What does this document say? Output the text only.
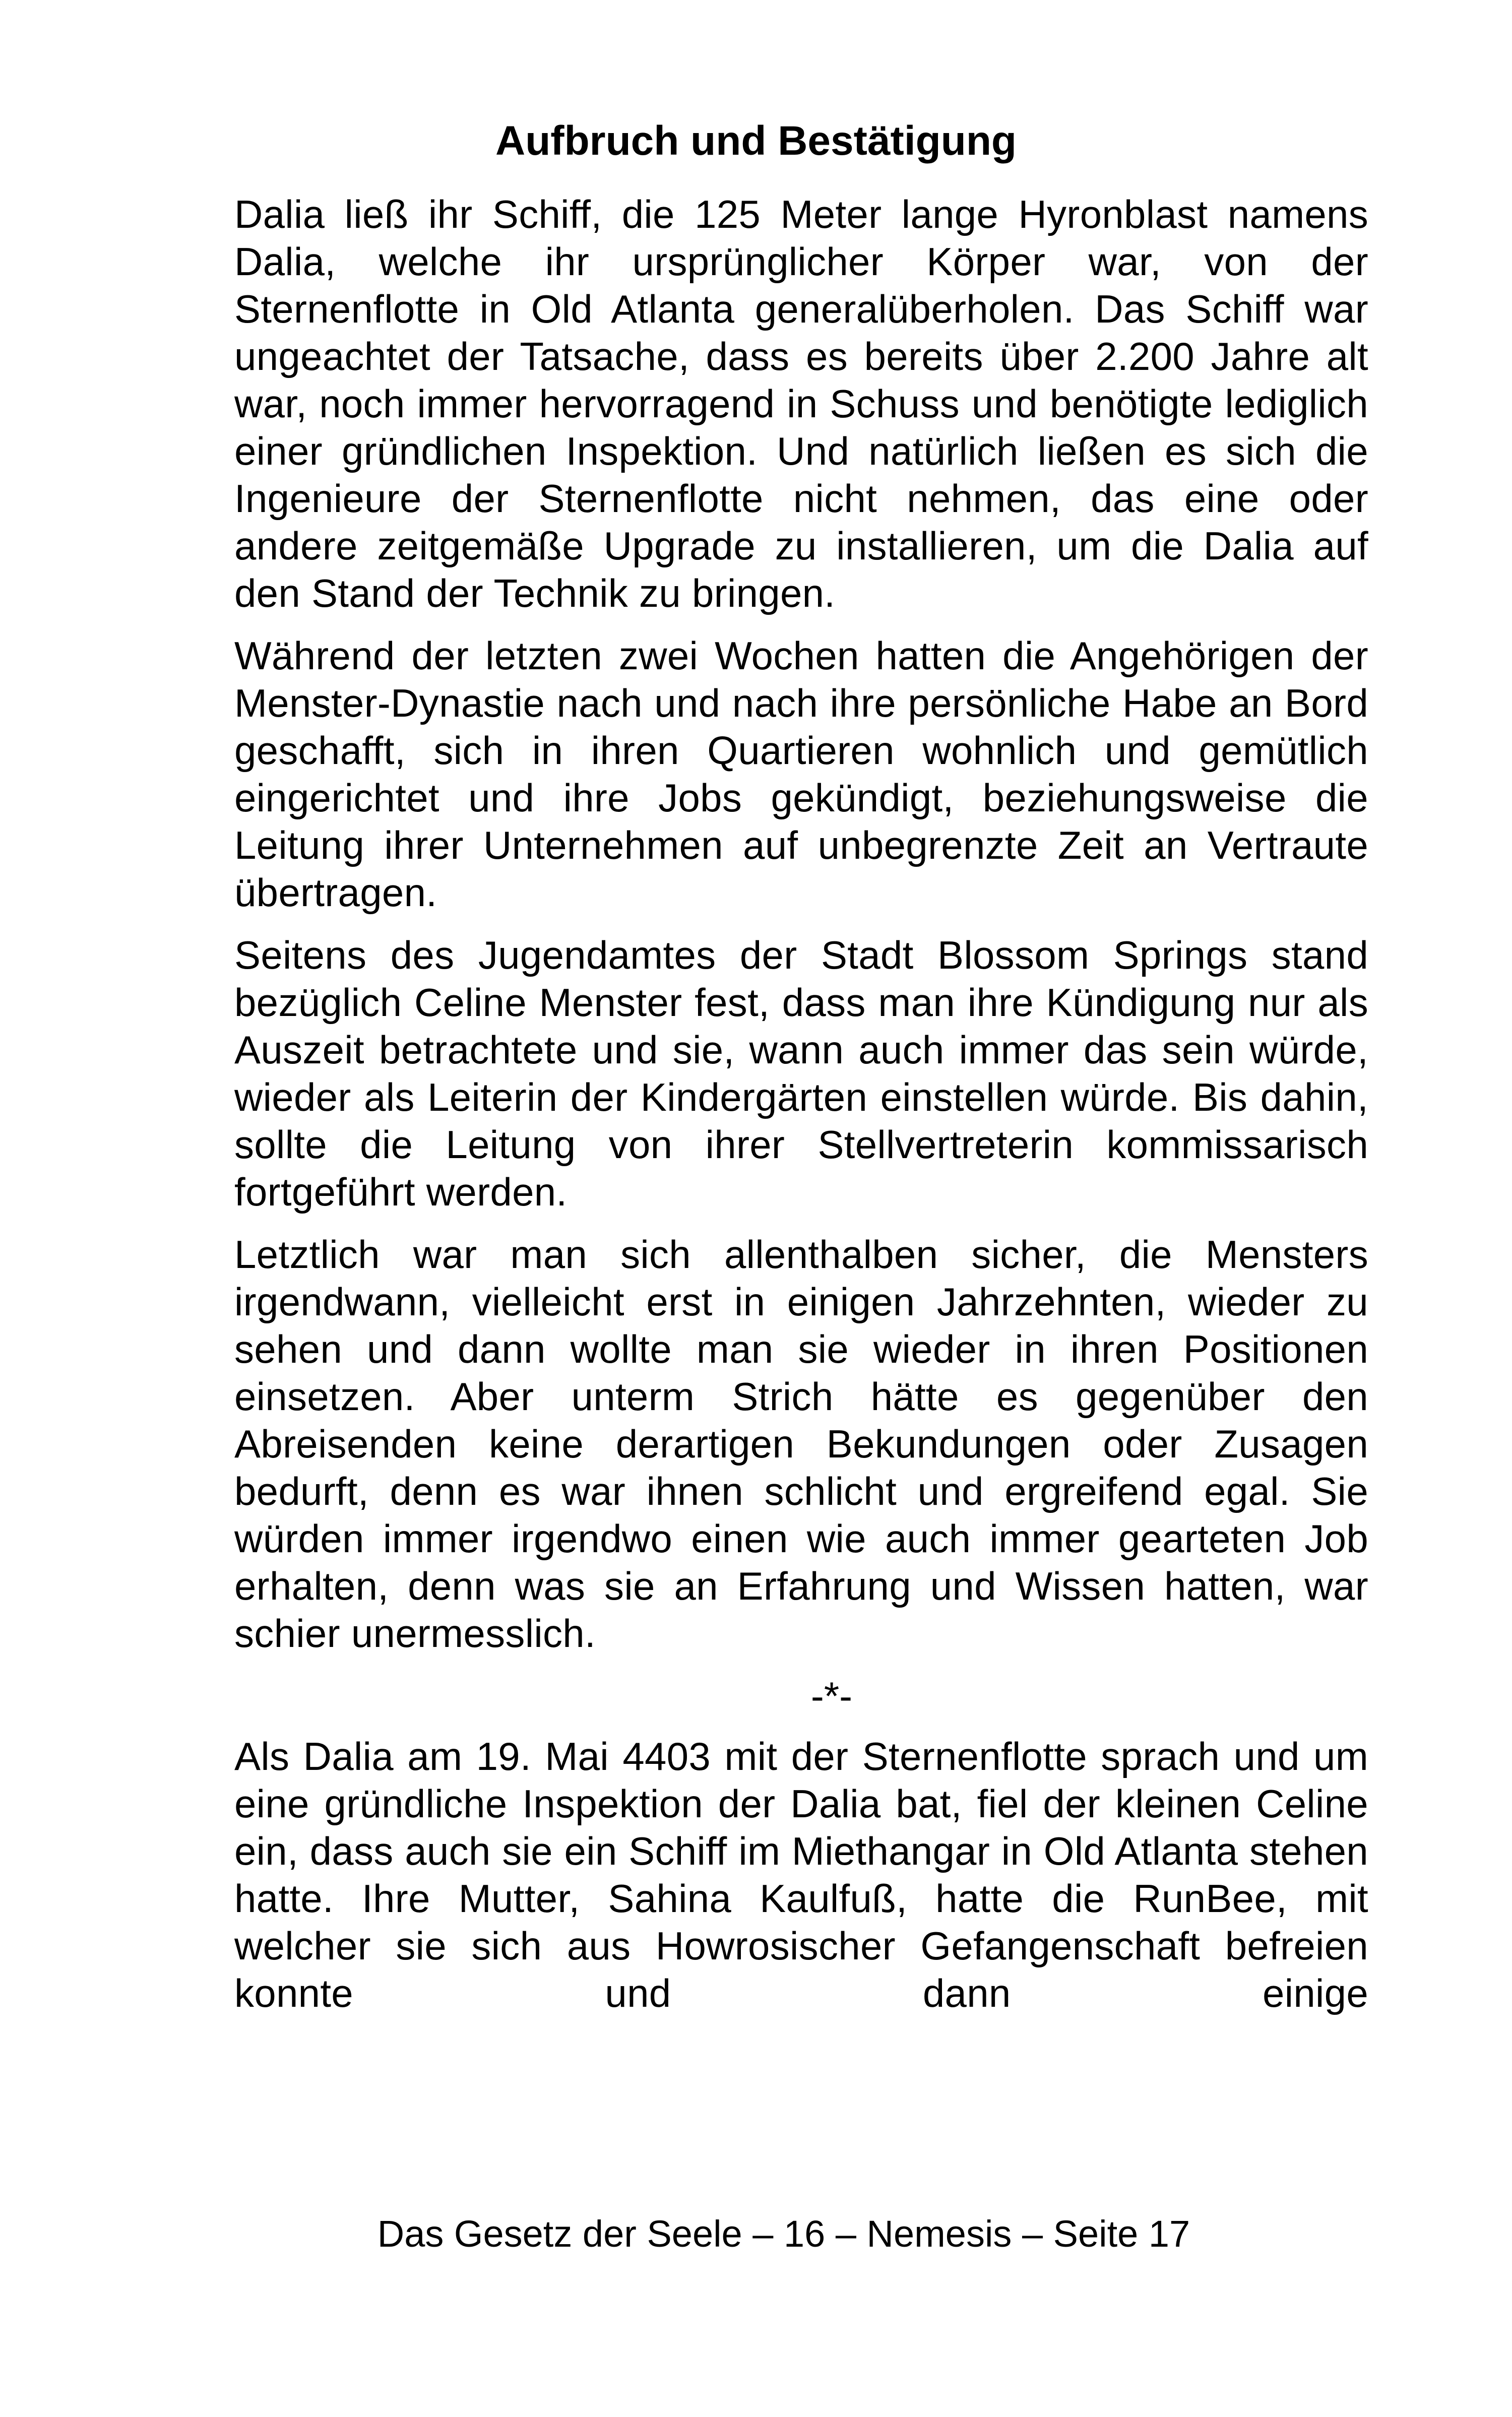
Aufbruch und Bestätigung

Dalia ließ ihr Schiff, die 125 Meter lange Hyronblast namens Dalia, welche ihr ursprünglicher Körper war, von der Sternenflotte in Old Atlanta generalüberholen. Das Schiff war ungeachtet der Tatsache, dass es bereits über 2.200 Jahre alt war, noch immer hervorragend in Schuss und benötigte lediglich einer gründlichen Inspektion. Und natürlich ließen es sich die Ingenieure der Sternenflotte nicht nehmen, das eine oder andere zeitgemäße Upgrade zu installieren, um die Dalia auf den Stand der Technik zu bringen.

Während der letzten zwei Wochen hatten die Angehörigen der Menster-Dynastie nach und nach ihre persönliche Habe an Bord geschafft, sich in ihren Quartieren wohnlich und gemütlich eingerichtet und ihre Jobs gekündigt, beziehungsweise die Leitung ihrer Unternehmen auf unbegrenzte Zeit an Vertraute übertragen.

Seitens des Jugendamtes der Stadt Blossom Springs stand bezüglich Celine Menster fest, dass man ihre Kündigung nur als Auszeit betrachtete und sie, wann auch immer das sein würde, wieder als Leiterin der Kindergärten einstellen würde. Bis dahin, sollte die Leitung von ihrer Stellvertreterin kommissarisch fortgeführt werden.

Letztlich war man sich allenthalben sicher, die Mensters irgendwann, vielleicht erst in einigen Jahrzehnten, wieder zu sehen und dann wollte man sie wieder in ihren Positionen einsetzen. Aber unterm Strich hätte es gegenüber den Abreisenden keine derartigen Bekundungen oder Zusagen bedurft, denn es war ihnen schlicht und ergreifend egal. Sie würden immer irgendwo einen wie auch immer gearteten Job erhalten, denn was sie an Erfahrung und Wissen hatten, war schier unermesslich.

-*-

Als Dalia am 19. Mai 4403 mit der Sternenflotte sprach und um eine gründliche Inspektion der Dalia bat, fiel der kleinen Celine ein, dass auch sie ein Schiff im Miethangar in Old Atlanta stehen hatte. Ihre Mutter, Sahina Kaulfuß, hatte die RunBee, mit welcher sie sich aus Howrosischer Gefangenschaft befreien konnte und dann einige

Das Gesetz der Seele – 16 – Nemesis – Seite 17
